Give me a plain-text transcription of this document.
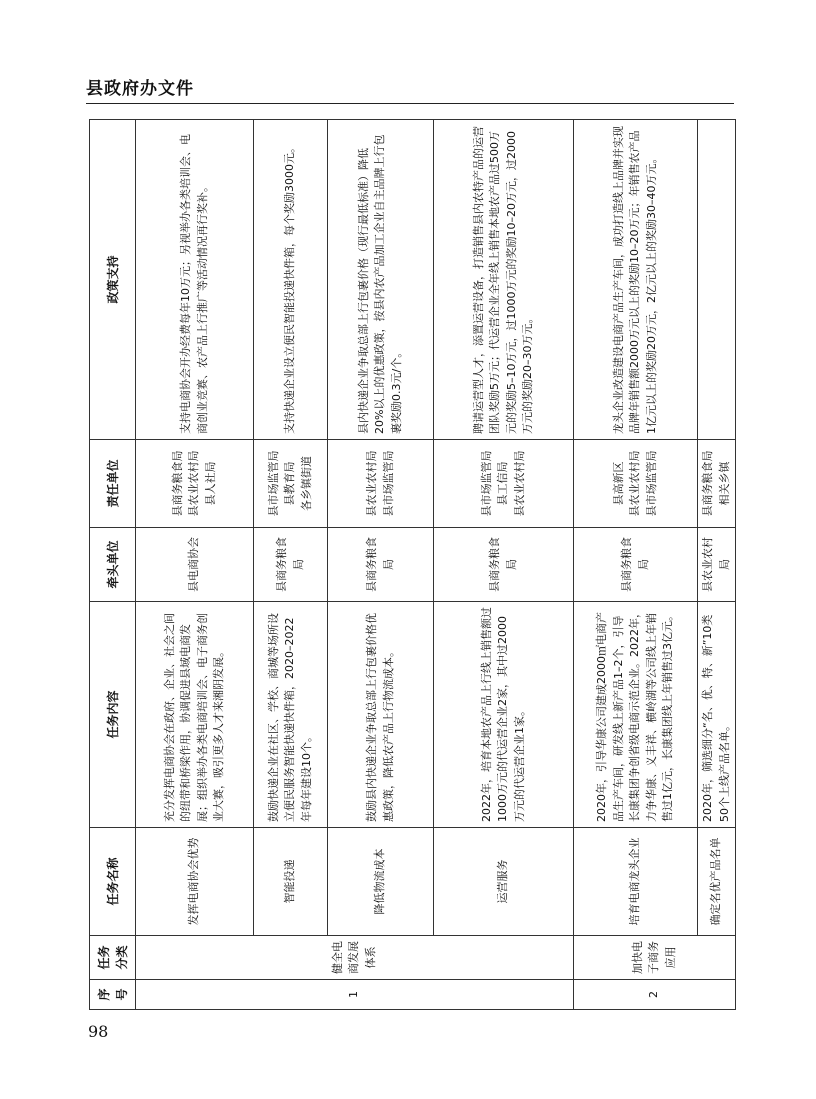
县政府办文件
序号	任务分类	任务名称	任务内容	牵头单位	责任单位	政策支持
1	健全电商发展体系	发挥电商协会优势	充分发挥电商协会在政府、企业、社会之间的纽带和桥梁作用，协调促进县域电商发展；组织举办各类电商培训会、电子商务创业大赛，吸引更多人才来湘阴发展。	县电商协会	县商务粮食局 县农业农村局 县人社局	支持电商协会开办经费每年10万元；另视举办各类培训会、电商创业竞赛、农产品上行推广等活动情况再行奖补。
		智能投递	鼓励快递企业在社区、学校、商城等场所设立便民服务智能快递快件箱，2020–2022年每年建设10个。	县商务粮食局	县市场监管局 县教育局 各乡镇街道	支持快递企业设立便民智能投递快件箱，每个奖励3000元。
		降低物流成本	鼓励县内快递企业争取总部上行包裹价格优惠政策，降低农产品上行物流成本。	县商务粮食局	县农业农村局 县市场监管局	县内快递企业争取总部上行包裹价格（现行最低标准）降低20%以上的优惠政策，按县内农产品加工企业自主品牌上行包裹奖励0.3元/个。
		运营服务	2022年，培育本地农产品上行线上销售额过1000万元的代运营企业2家，其中过2000万元的代运营企业1家。	县商务粮食局	县市场监管局 县工信局 县农业农村局	聘请运营型人才，添置运营设备，打造销售县内农特产品的运营团队奖励5万元；代运营企业全年线上销售本地农产品过500万元的奖励5–10万元，过1000万元的奖励10–20万元，过2000万元的奖励20–30万元。
2	加快电子商务应用	培育电商龙头企业	2020年，引导华康公司建成2000㎡电商产品生产车间，研发线上新产品1–2个，引导长康集团争创省级电商示范企业。2022年，力争华康、义丰祥、横岭湖等公司线上年销售过1亿元，长康集团线上年销售过3亿元。	县商务粮食局	县高新区 县农业农村局 县市场监管局	龙头企业改造建设电商产品生产车间，成功打造线上品牌并实现品牌年销售额2000万元以上的奖励10–20万元；年销售农产品1亿元以上的奖励20万元，2亿元以上的奖励30–40万元。
		确定名优产品名单	2020年，筛选细分“名、优、特、新”10类50个上线产品名单。	县农业农村局	县商务粮食局 相关乡镇	

98
